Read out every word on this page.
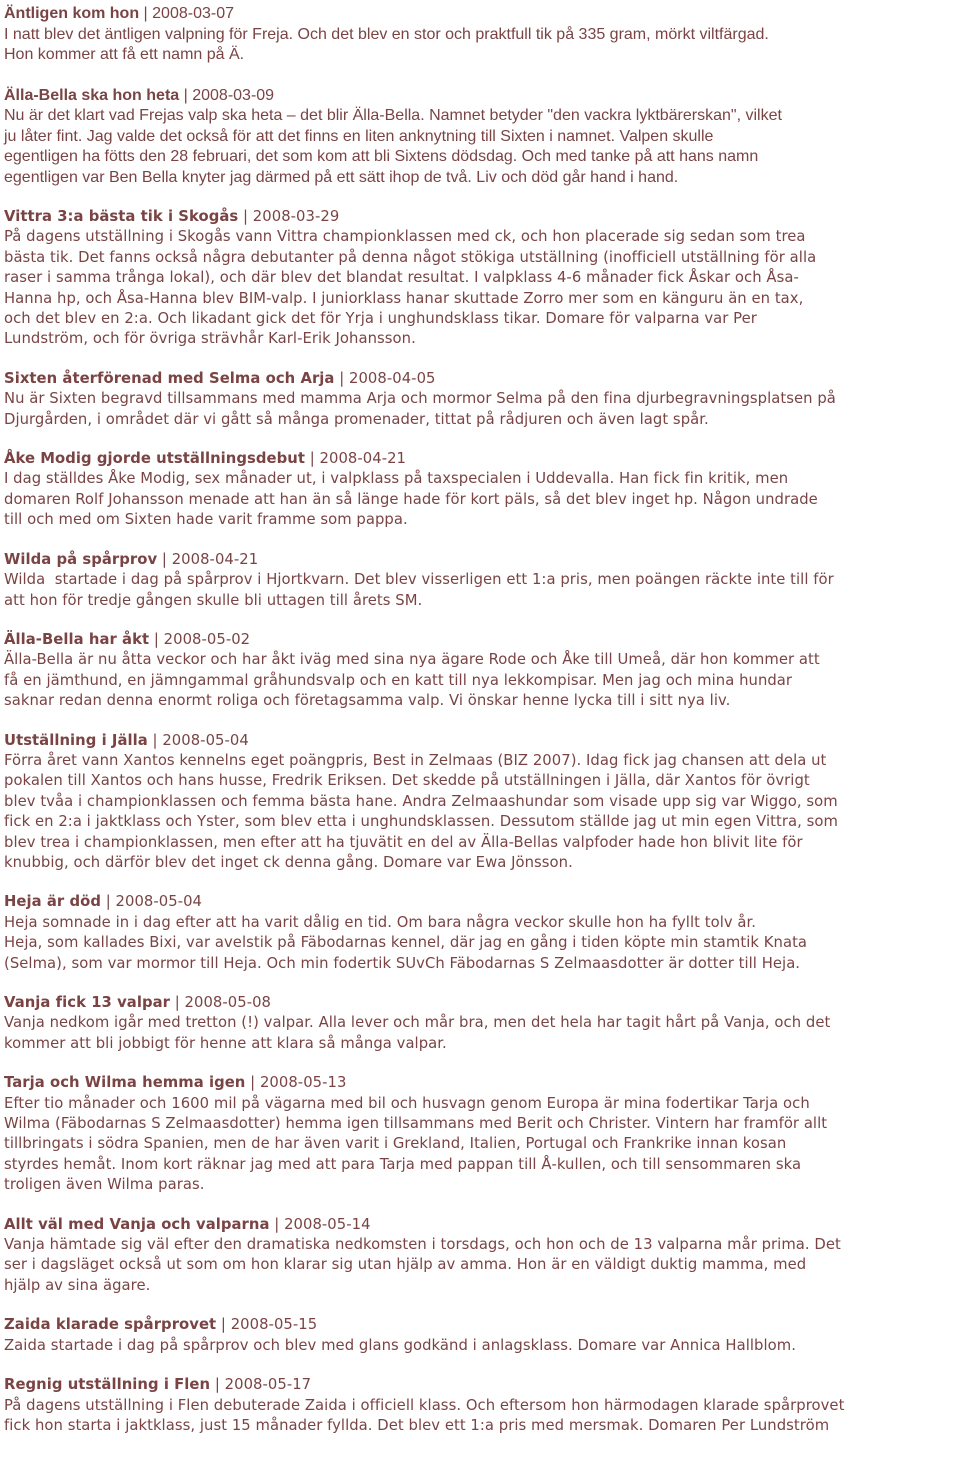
Äntligen kom hon | 2008-03-07

I natt blev det äntligen valpning för Freja. Och det blev en stor och praktfull tik på 335 gram, mörkt viltfärgad.

Hon kommer att få ett namn på Ä.

Älla-Bella ska hon heta | 2008-03-09

Nu är det klart vad Frejas valp ska heta – det blir Älla-Bella. Namnet betyder "den vackra lyktbärerskan", vilket

ju låter fint. Jag valde det också för att det finns en liten anknytning till Sixten i namnet. Valpen skulle

egentligen ha fötts den 28 februari, det som kom att bli Sixtens dödsdag. Och med tanke på att hans namn

egentligen var Ben Bella knyter jag därmed på ett sätt ihop de två. Liv och död går hand i hand.

Vittra 3:a bästa tik i Skogås | 2008-03-29

På dagens utställning i Skogås vann Vittra championklassen med ck, och hon placerade sig sedan som trea

bästa tik. Det fanns också några debutanter på denna något stökiga utställning (inofficiell utställning för alla

raser i samma trånga lokal), och där blev det blandat resultat. I valpklass 4-6 månader fick Åskar och Åsa-

Hanna hp, och Åsa-Hanna blev BIM-valp. I juniorklass hanar skuttade Zorro mer som en känguru än en tax,

och det blev en 2:a. Och likadant gick det för Yrja i unghundsklass tikar. Domare för valparna var Per

Lundström, och för övriga strävhår Karl-Erik Johansson.

Sixten återförenad med Selma och Arja | 2008-04-05

Nu är Sixten begravd tillsammans med mamma Arja och mormor Selma på den fina djurbegravningsplatsen på

Djurgården, i området där vi gått så många promenader, tittat på rådjuren och även lagt spår.

Åke Modig gjorde utställningsdebut | 2008-04-21

I dag ställdes Åke Modig, sex månader ut, i valpklass på taxspecialen i Uddevalla. Han fick fin kritik, men

domaren Rolf Johansson menade att han än så länge hade för kort päls, så det blev inget hp. Någon undrade

till och med om Sixten hade varit framme som pappa.

Wilda på spårprov | 2008-04-21

Wilda  startade i dag på spårprov i Hjortkvarn. Det blev visserligen ett 1:a pris, men poängen räckte inte till för

att hon för tredje gången skulle bli uttagen till årets SM.

Älla-Bella har åkt | 2008-05-02

Älla-Bella är nu åtta veckor och har åkt iväg med sina nya ägare Rode och Åke till Umeå, där hon kommer att

få en jämthund, en jämngammal gråhundsvalp och en katt till nya lekkompisar. Men jag och mina hundar

saknar redan denna enormt roliga och företagsamma valp. Vi önskar henne lycka till i sitt nya liv.

Utställning i Jälla | 2008-05-04

Förra året vann Xantos kennelns eget poängpris, Best in Zelmaas (BIZ 2007). Idag fick jag chansen att dela ut

pokalen till Xantos och hans husse, Fredrik Eriksen. Det skedde på utställningen i Jälla, där Xantos för övrigt

blev tvåa i championklassen och femma bästa hane. Andra Zelmaashundar som visade upp sig var Wiggo, som

fick en 2:a i jaktklass och Yster, som blev etta i unghundsklassen. Dessutom ställde jag ut min egen Vittra, som

blev trea i championklassen, men efter att ha tjuvätit en del av Älla-Bellas valpfoder hade hon blivit lite för

knubbig, och därför blev det inget ck denna gång. Domare var Ewa Jönsson.

Heja är död | 2008-05-04

Heja somnade in i dag efter att ha varit dålig en tid. Om bara några veckor skulle hon ha fyllt tolv år.

Heja, som kallades Bixi, var avelstik på Fäbodarnas kennel, där jag en gång i tiden köpte min stamtik Knata

(Selma), som var mormor till Heja. Och min fodertik SUvCh Fäbodarnas S Zelmaasdotter är dotter till Heja.

Vanja fick 13 valpar | 2008-05-08

Vanja nedkom igår med tretton (!) valpar. Alla lever och mår bra, men det hela har tagit hårt på Vanja, och det

kommer att bli jobbigt för henne att klara så många valpar.

Tarja och Wilma hemma igen | 2008-05-13

Efter tio månader och 1600 mil på vägarna med bil och husvagn genom Europa är mina fodertikar Tarja och

Wilma (Fäbodarnas S Zelmaasdotter) hemma igen tillsammans med Berit och Christer. Vintern har framför allt

tillbringats i södra Spanien, men de har även varit i Grekland, Italien, Portugal och Frankrike innan kosan

styrdes hemåt. Inom kort räknar jag med att para Tarja med pappan till Å-kullen, och till sensommaren ska

troligen även Wilma paras.

Allt väl med Vanja och valparna | 2008-05-14

Vanja hämtade sig väl efter den dramatiska nedkomsten i torsdags, och hon och de 13 valparna mår prima. Det

ser i dagsläget också ut som om hon klarar sig utan hjälp av amma. Hon är en väldigt duktig mamma, med

hjälp av sina ägare.

Zaida klarade spårprovet | 2008-05-15

Zaida startade i dag på spårprov och blev med glans godkänd i anlagsklass. Domare var Annica Hallblom.

Regnig utställning i Flen | 2008-05-17

På dagens utställning i Flen debuterade Zaida i officiell klass. Och eftersom hon härmodagen klarade spårprovet

fick hon starta i jaktklass, just 15 månader fyllda. Det blev ett 1:a pris med mersmak. Domaren Per Lundström
